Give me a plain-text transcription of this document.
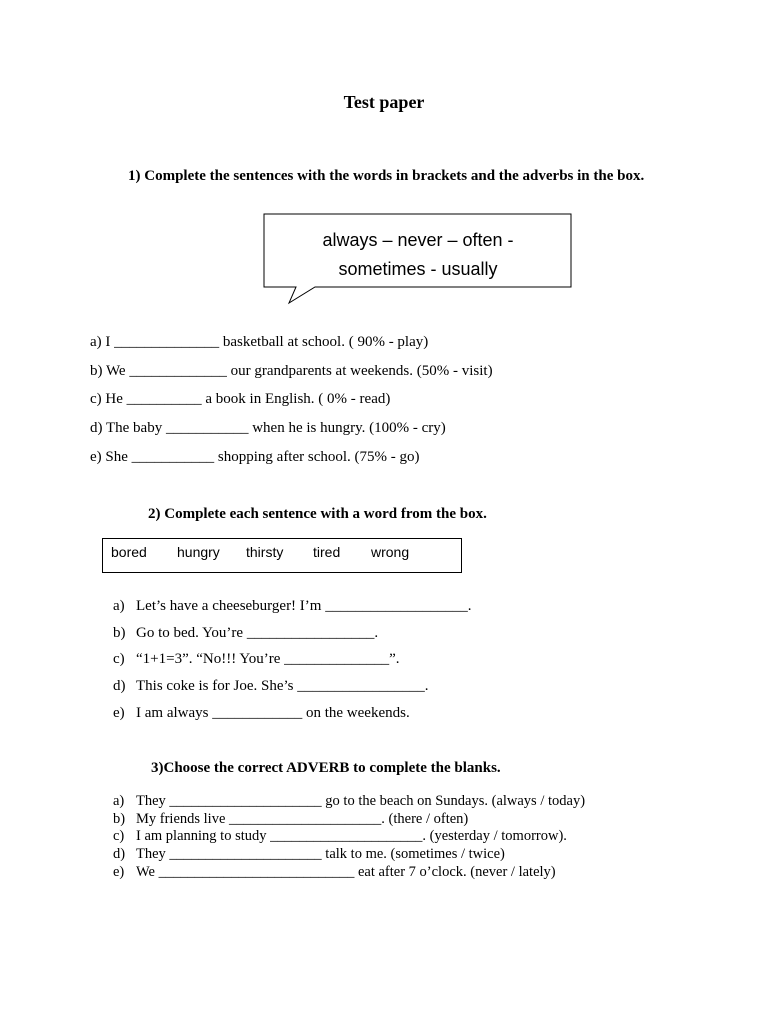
Test paper
1) Complete the sentences with the words in brackets and the adverbs in the box.
always – never – often -
sometimes - usually
a) I ______________ basketball at school. ( 90% - play)
b) We _____________ our grandparents at weekends. (50% - visit)
c) He __________ a book in English. ( 0% - read)
d) The baby ___________ when he is hungry. (100% - cry)
e) She ___________ shopping after school. (75% - go)
2) Complete each sentence with a word from the box.
bored hungry thirsty tired wrong
a) Let’s have a cheeseburger! I’m ___________________.
b) Go to bed. You’re _________________.
c) “1+1=3”. “No!!! You’re ______________”.
d) This coke is for Joe. She’s _________________.
e) I am always ____________ on the weekends.
3)Choose the correct ADVERB to complete the blanks.
a) They _____________________ go to the beach on Sundays. (always / today)
b) My friends live _____________________. (there / often)
c) I am planning to study _____________________. (yesterday / tomorrow).
d) They _____________________ talk to me. (sometimes / twice)
e) We ___________________________ eat after 7 o’clock. (never / lately)
